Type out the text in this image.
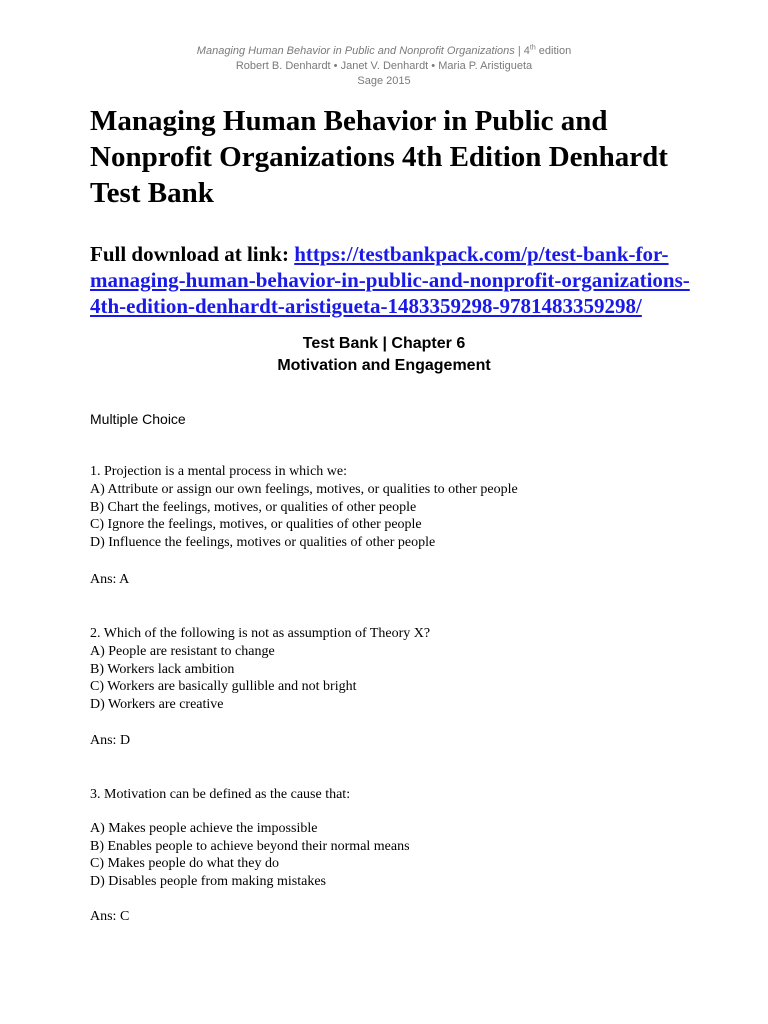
Managing Human Behavior in Public and Nonprofit Organizations | 4th edition
Robert B. Denhardt • Janet V. Denhardt • Maria P. Aristigueta
Sage 2015
Managing Human Behavior in Public and Nonprofit Organizations 4th Edition Denhardt Test Bank
Full download at link: https:/​/​testbankpack.com/​p/​test-​bank-​for-​managing-​human-​behavior-​in-​public-​and-​nonprofit-​organizations-​4th-​edition-​denhardt-​aristigueta-​1483359298-​9781483359298/​
Test Bank | Chapter 6
Motivation and Engagement
Multiple Choice
1. Projection is a mental process in which we:
A) Attribute or assign our own feelings, motives, or qualities to other people
B) Chart the feelings, motives, or qualities of other people
C) Ignore the feelings, motives, or qualities of other people
D) Influence the feelings, motives or qualities of other people
Ans: A
2. Which of the following is not as assumption of Theory X?
A) People are resistant to change
B) Workers lack ambition
C) Workers are basically gullible and not bright
D) Workers are creative
Ans: D
3. Motivation can be defined as the cause that:
A) Makes people achieve the impossible
B) Enables people to achieve beyond their normal means
C) Makes people do what they do
D) Disables people from making mistakes
Ans: C
